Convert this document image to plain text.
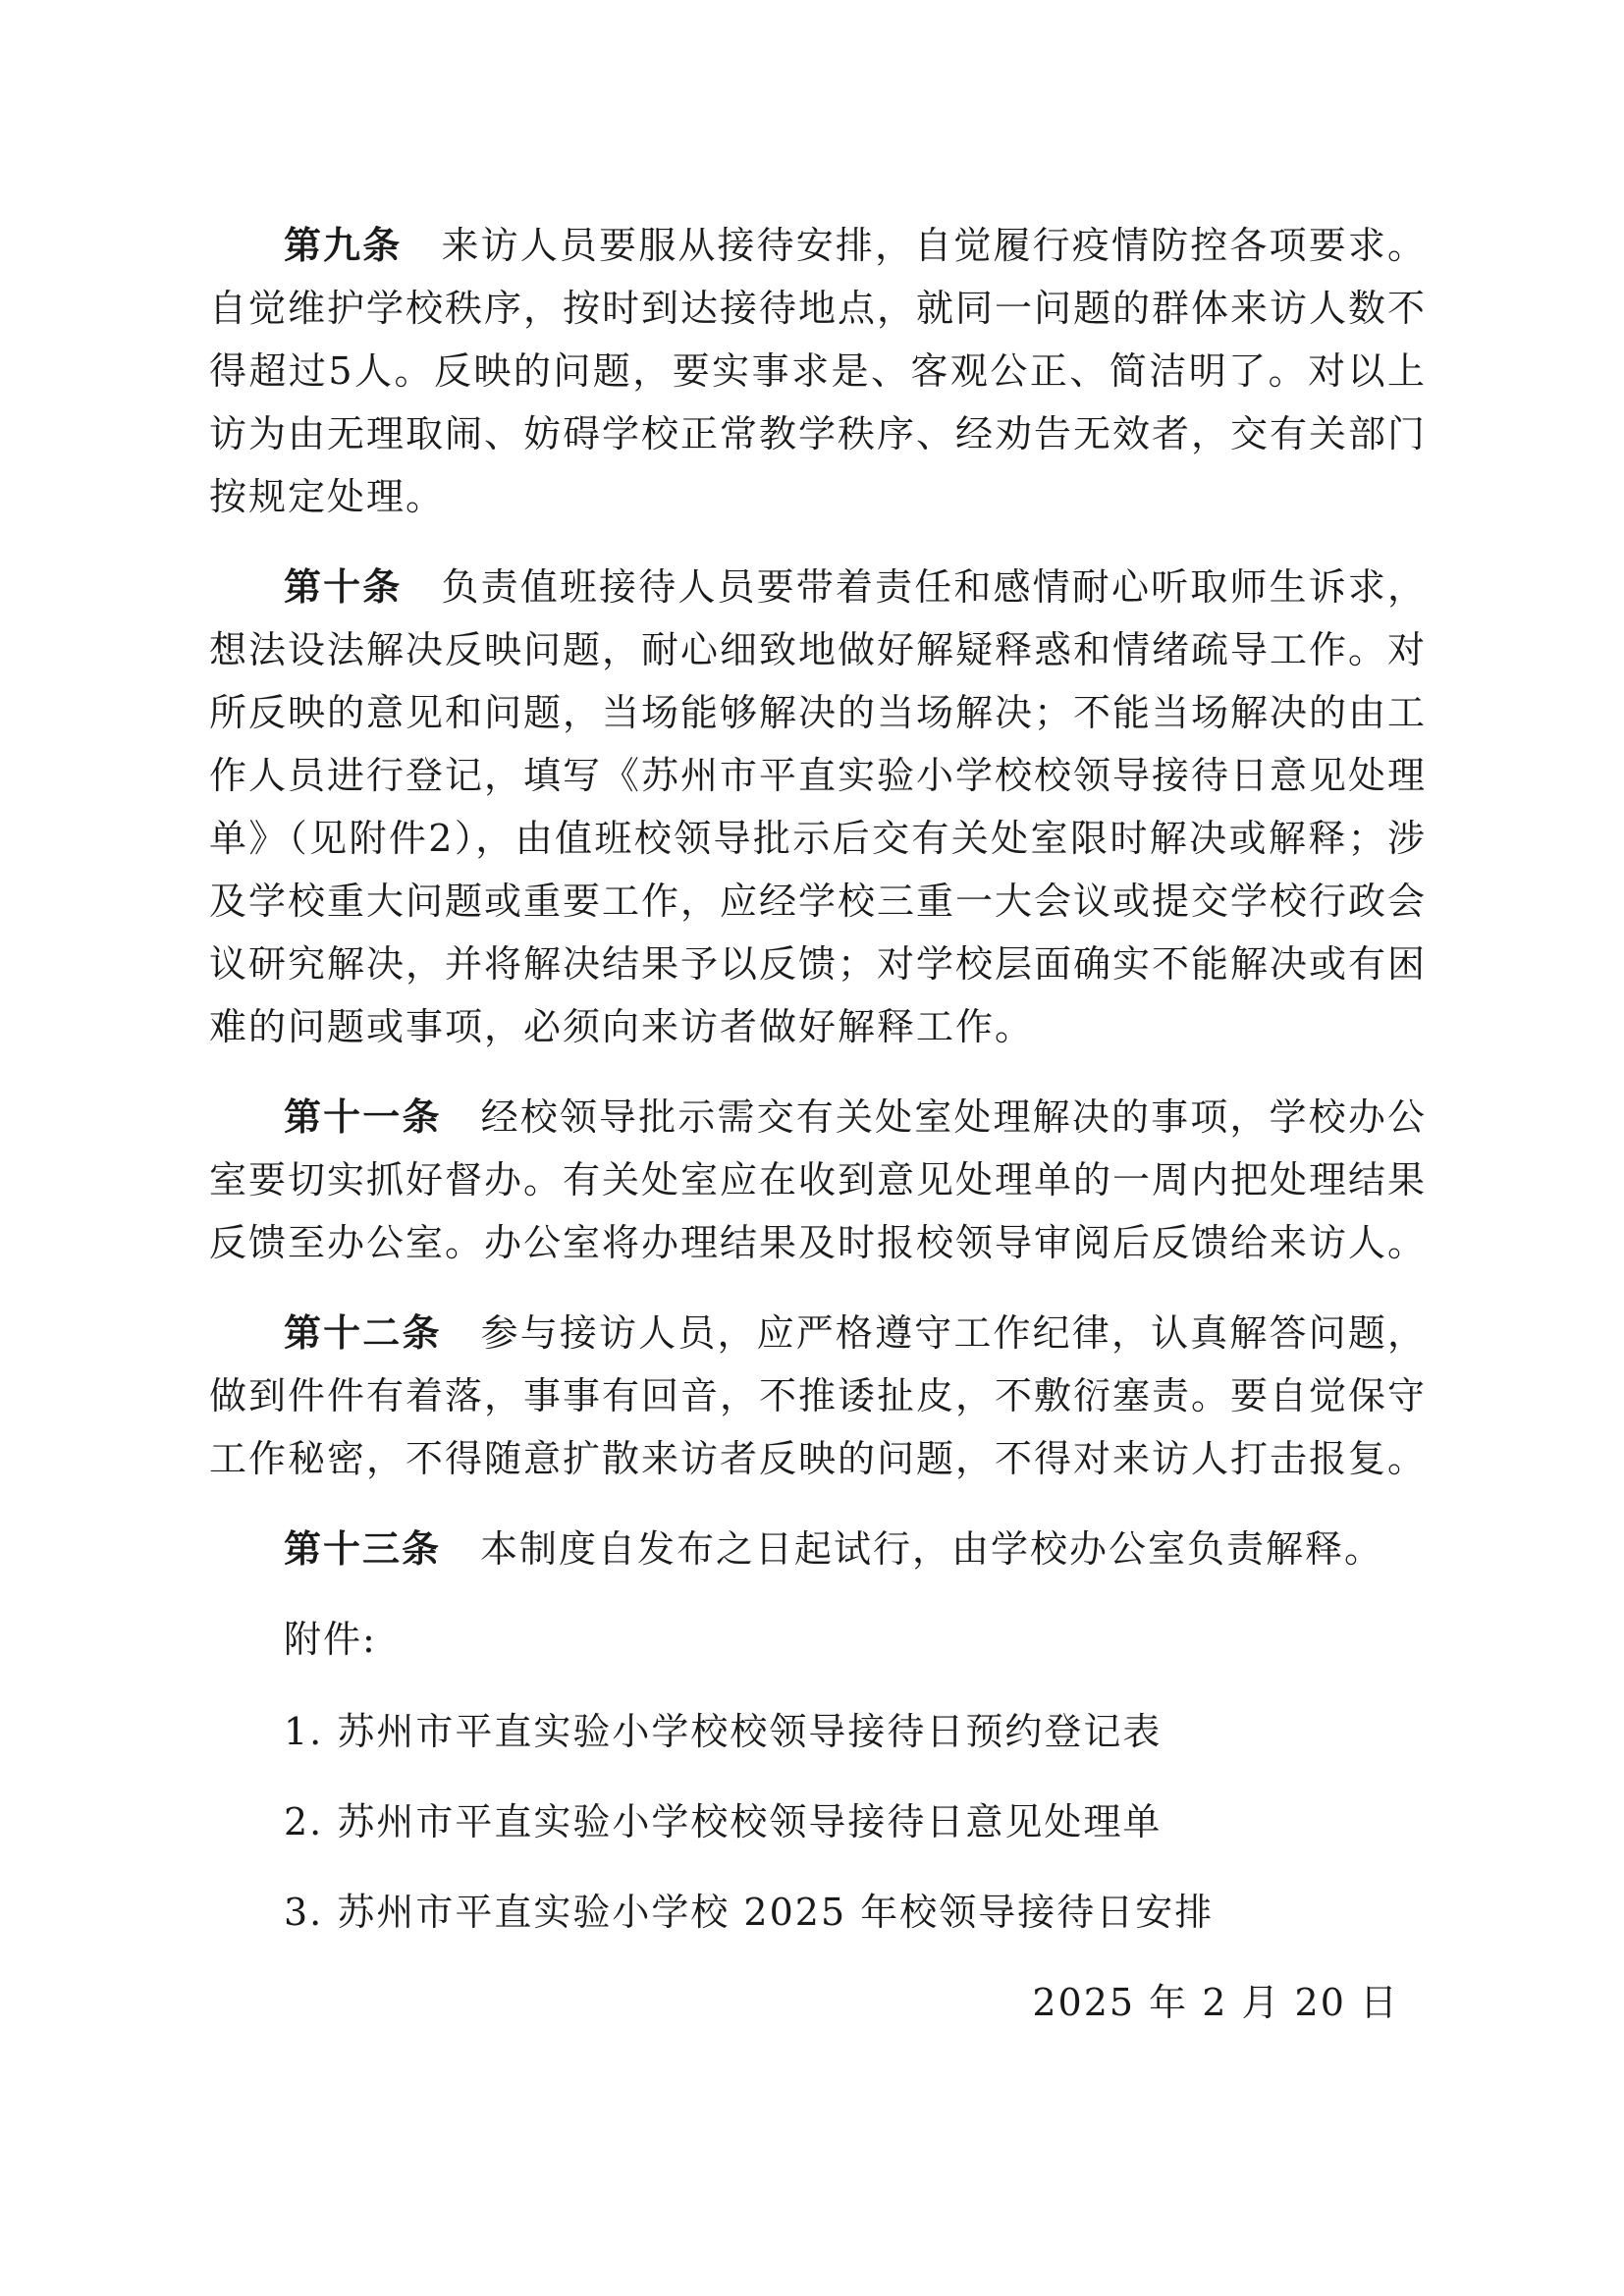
第九条 来访人员要服从接待安排，自觉履行疫情防控各项要求。自觉维护学校秩序，按时到达接待地点，就同一问题的群体来访人数不得超过5人。反映的问题，要实事求是、客观公正、简洁明了。对以上访为由无理取闹、妨碍学校正常教学秩序、经劝告无效者，交有关部门按规定处理。

第十条 负责值班接待人员要带着责任和感情耐心听取师生诉求，想法设法解决反映问题，耐心细致地做好解疑释惑和情绪疏导工作。对所反映的意见和问题，当场能够解决的当场解决；不能当场解决的由工作人员进行登记，填写《苏州市平直实验小学校校领导接待日意见处理单》（见附件2），由值班校领导批示后交有关处室限时解决或解释；涉及学校重大问题或重要工作，应经学校三重一大会议或提交学校行政会议研究解决，并将解决结果予以反馈；对学校层面确实不能解决或有困难的问题或事项，必须向来访者做好解释工作。

第十一条 经校领导批示需交有关处室处理解决的事项，学校办公室要切实抓好督办。有关处室应在收到意见处理单的一周内把处理结果反馈至办公室。办公室将办理结果及时报校领导审阅后反馈给来访人。

第十二条 参与接访人员，应严格遵守工作纪律，认真解答问题，做到件件有着落，事事有回音，不推诿扯皮，不敷衍塞责。要自觉保守工作秘密，不得随意扩散来访者反映的问题，不得对来访人打击报复。

第十三条 本制度自发布之日起试行，由学校办公室负责解释。

附件:

1. 苏州市平直实验小学校校领导接待日预约登记表
2. 苏州市平直实验小学校校领导接待日意见处理单
3. 苏州市平直实验小学校 2025 年校领导接待日安排
2025 年 2 月 20 日
